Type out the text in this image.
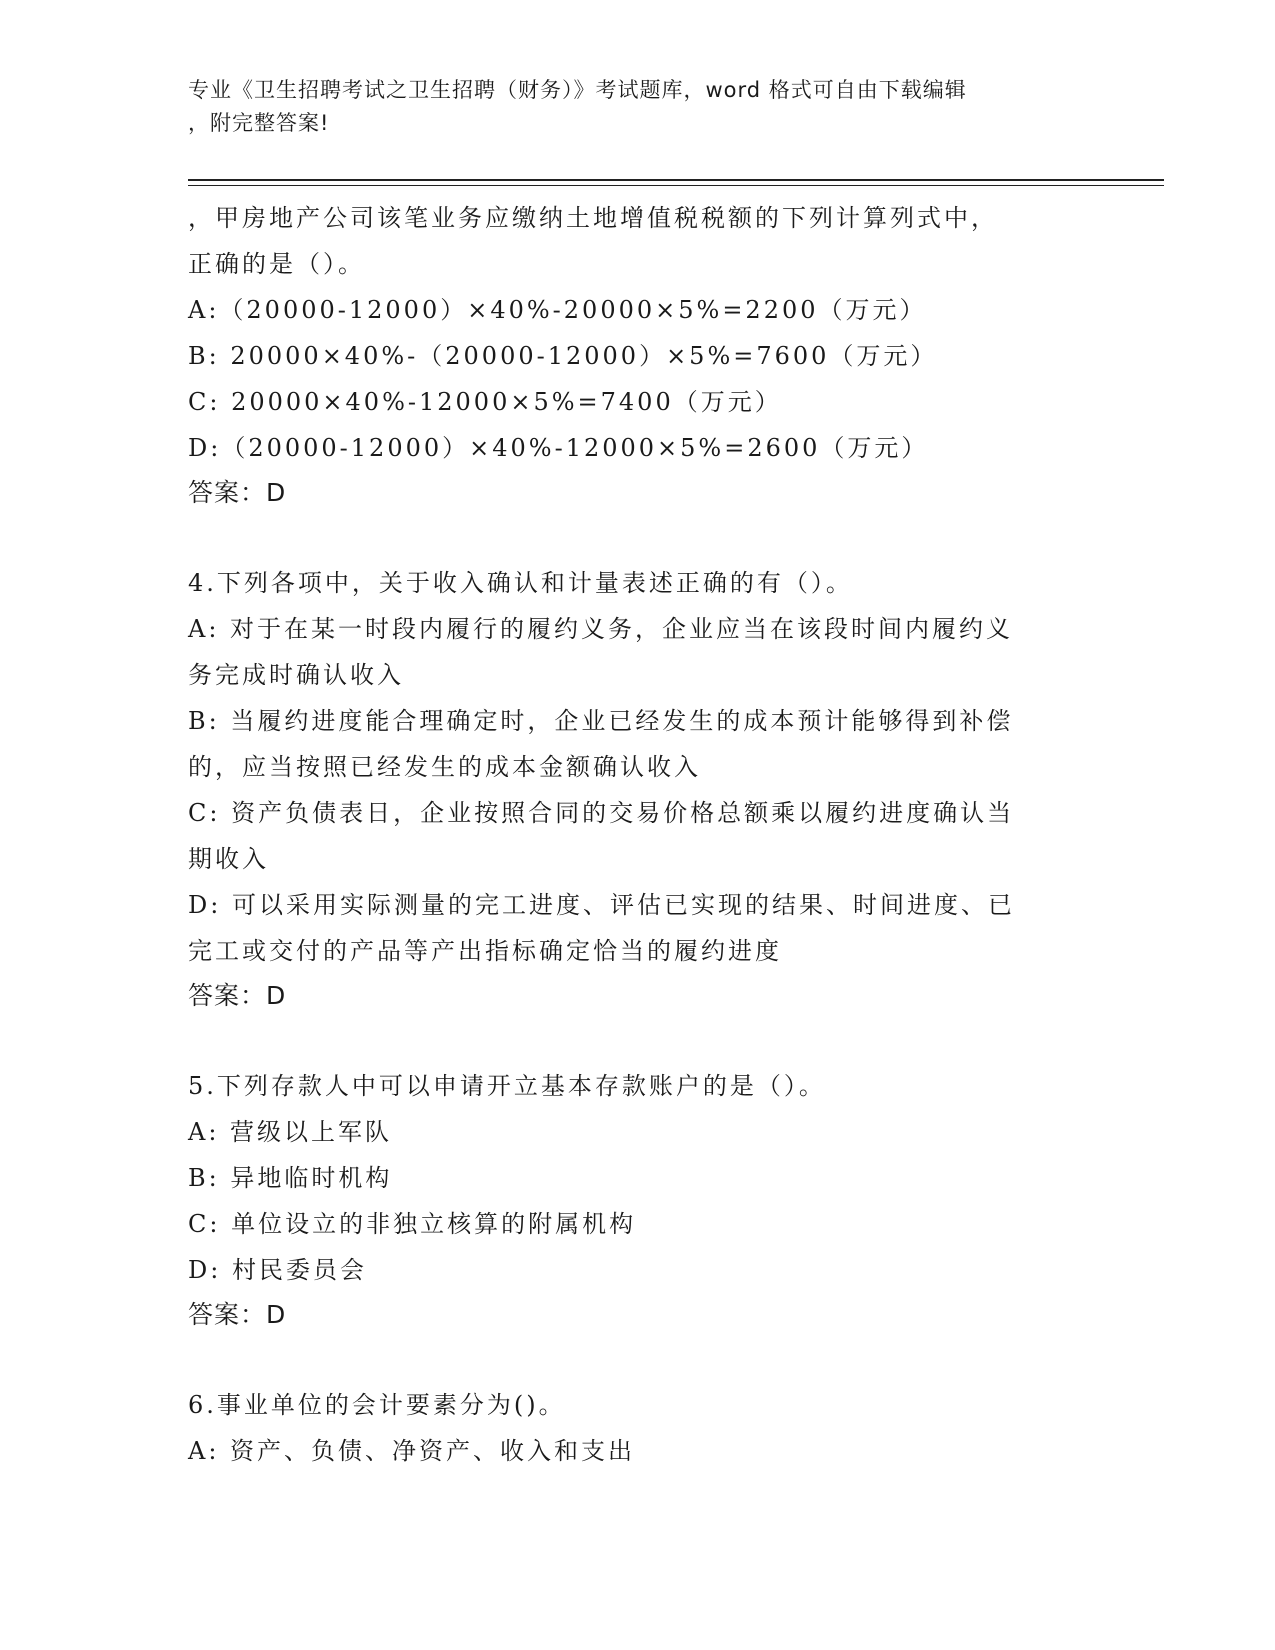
专业《卫生招聘考试之卫生招聘（财务）》考试题库，word 格式可自由下载编辑
，附完整答案!
，甲房地产公司该笔业务应缴纳土地增值税税额的下列计算列式中，
正确的是（）。
A:（20000-12000）×40%-20000×5%=2200（万元）
B: 20000×40%-（20000-12000）×5%=7600（万元）
C: 20000×40%-12000×5%=7400（万元）
D:（20000-12000）×40%-12000×5%=2600（万元）
答案：D
4.下列各项中，关于收入确认和计量表述正确的有（）。
A: 对于在某一时段内履行的履约义务，企业应当在该段时间内履约义
务完成时确认收入
B: 当履约进度能合理确定时，企业已经发生的成本预计能够得到补偿
的，应当按照已经发生的成本金额确认收入
C: 资产负债表日，企业按照合同的交易价格总额乘以履约进度确认当
期收入
D: 可以采用实际测量的完工进度、评估已实现的结果、时间进度、已
完工或交付的产品等产出指标确定恰当的履约进度
答案：D
5.下列存款人中可以申请开立基本存款账户的是（）。
A: 营级以上军队
B: 异地临时机构
C: 单位设立的非独立核算的附属机构
D: 村民委员会
答案：D
6.事业单位的会计要素分为()。
A: 资产、负债、净资产、收入和支出
